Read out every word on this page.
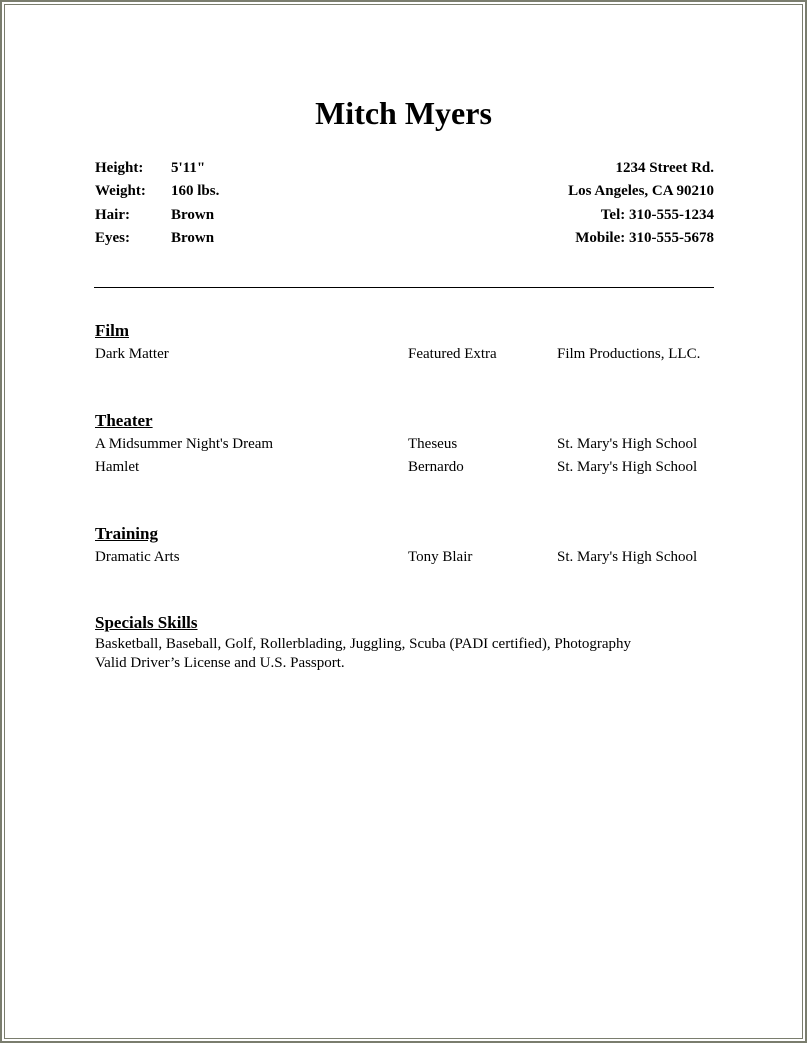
Mitch Myers
Height:	5'11"
Weight:	160 lbs.
Hair:	Brown
Eyes:	Brown
1234 Street Rd.
Los Angeles, CA 90210
Tel: 310-555-1234
Mobile: 310-555-5678
Film
Dark Matter	Featured Extra	Film Productions, LLC.
Theater
A Midsummer Night's Dream	Theseus	St. Mary's High School
Hamlet	Bernardo	St. Mary's High School
Training
Dramatic Arts	Tony Blair	St. Mary's High School
Specials Skills
Basketball, Baseball, Golf, Rollerblading, Juggling, Scuba (PADI certified), Photography
Valid Driver’s License and U.S. Passport.
